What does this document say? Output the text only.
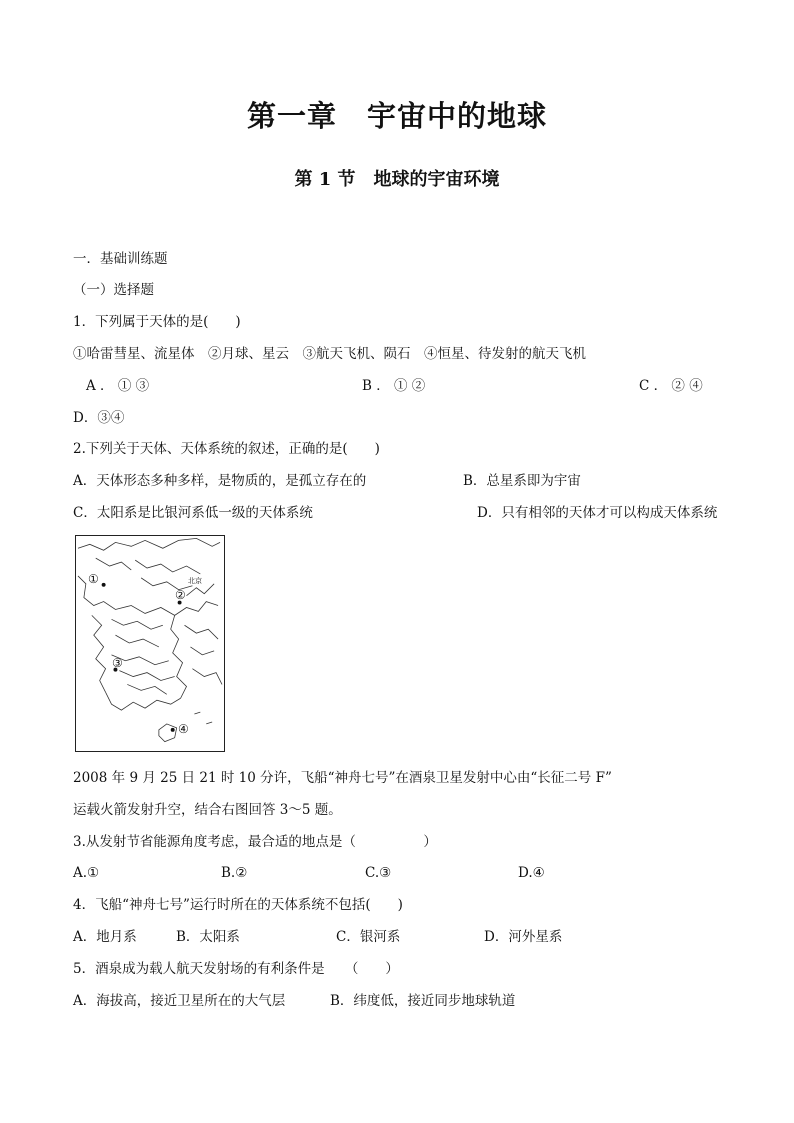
第一章　宇宙中的地球
第 1 节　地球的宇宙环境
一．基础训练题
（一）选择题
1．下列属于天体的是(　　)
①哈雷彗星、流星体　②月球、星云　③航天飞机、陨石　④恒星、待发射的航天飞机
A ． ① ③	B ． ① ②	C ． ② ④
D．③④
2.下列关于天体、天体系统的叙述，正确的是(　　)
A．天体形态多种多样，是物质的，是孤立存在的	B．总星系即为宇宙
C．太阳系是比银河系低一级的天体系统	D．只有相邻的天体才可以构成天体系统
①
②
③
④
北京
2008 年 9 月 25 日 21 时 10 分许，飞船“神舟七号”在酒泉卫星发射中心由“长征二号 F”
运载火箭发射升空，结合右图回答 3～5 题。
3.从发射节省能源角度考虑，最合适的地点是（　　　　　）
A.①	B.②	C.③	D.④
4．飞船“神舟七号”运行时所在的天体系统不包括(　　)
A．地月系	B．太阳系	C．银河系	D．河外星系
5．酒泉成为载人航天发射场的有利条件是　　（　　）
A．海拔高，接近卫星所在的大气层	B．纬度低，接近同步地球轨道
